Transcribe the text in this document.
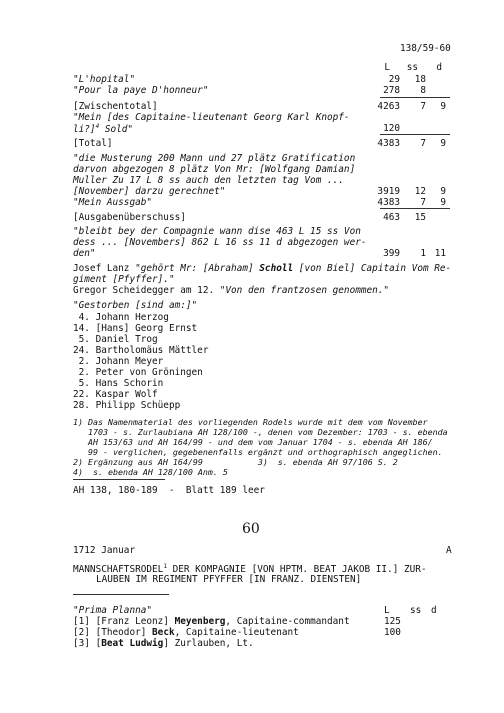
138/59-60
L	ss	d
"L'hopital"	29	18
"Pour la paye D'honneur"	278	8
[Zwischentotal]	4263	7	9
"Mein [des Capitaine-lieutenant Georg Karl Knopf-
li?]$^4$ Sold"	120
[Total]	4383	7	9
"die Musterung 200 Mann und 27 plätz Gratification
darvon abgezogen 8 plätz Von Mr: [Wolfgang Damian]
Muller Zu 17 L 8 ss auch den letzten tag Vom ...
[November] darzu gerechnet"	3919	12	9
"Mein Aussgab"	4383	7	9
[Ausgabenüberschuss]	463	15
"bleibt bey der Compagnie wann dise 463 L 15 ss Von
dess ... [Novembers] 862 L 16 ss 11 d abgezogen wer-
den"	399	1 11
Josef Lanz "gehört Mr: [Abraham] Scholl [von Biel] Capitain Vom Re-
giment [Pfyffer]."
Gregor Scheidegger am 12. "Von den frantzosen genommen."
"Gestorben [sind am:]"
4. Johann Herzog
14. [Hans] Georg Ernst
5. Daniel Trog
24. Bartholomäus Mättler
2. Johann Meyer
2. Peter von Gröningen
5. Hans Schorin
22. Kaspar Wolf
28. Philipp Schüepp
1) Das Namenmaterial des vorliegenden Rodels wurde mit dem vom November
1703 - s. Zurlaubiana AH 128/100 -, denen vom Dezember: 1703 - s. ebenda
AH 153/63 und AH 164/99 - und dem vom Januar 1704 - s. ebenda AH 186/
99 - verglichen, gegebenenfalls ergänzt und orthographisch angeglichen.
2) Ergänzung aus AH 164/99           3)  s. ebenda AH 97/106 S. 2
4)  s. ebenda AH 128/100 Anm. 5
AH 138, 180-189  -  Blatt 189 leer
60
1712 Januar	A
MANNSCHAFTSRODEL$^1$ DER KOMPAGNIE [VON HPTM. BEAT JAKOB II.] ZUR-
LAUBEN IM REGIMENT PFYFFER [IN FRANZ. DIENSTEN]
"Prima Planna"	L ss d
[1] [Franz Leonz] Meyenberg, Capitaine-commandant	125
[2] [Theodor] Beck, Capitaine-lieutenant	100
[3] [Beat Ludwig] Zurlauben, Lt.
